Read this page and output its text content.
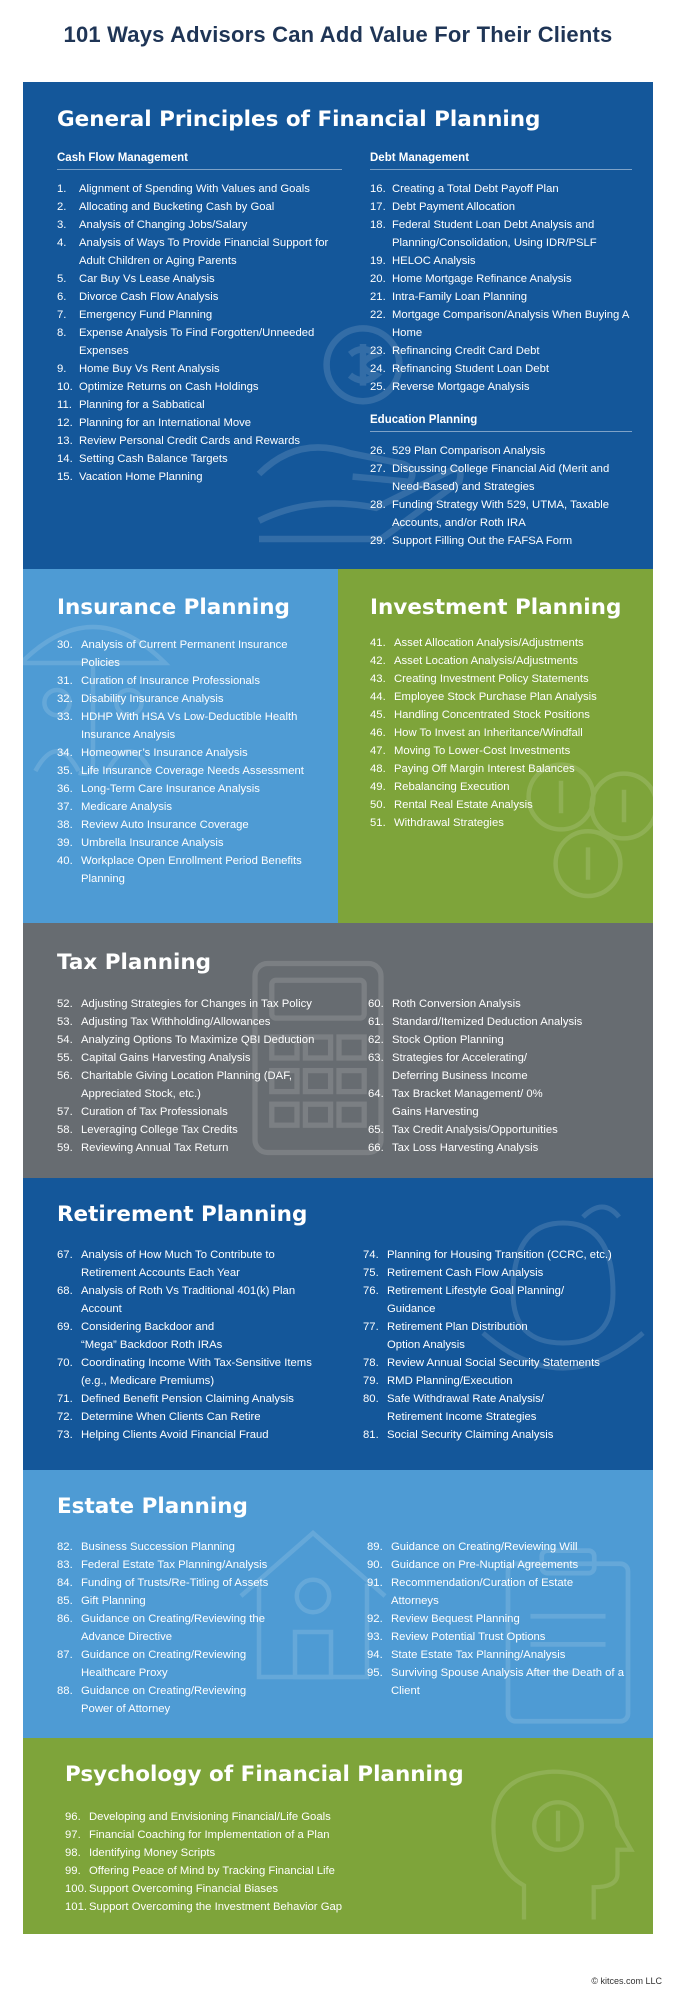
101 Ways Advisors Can Add Value For Their Clients
General Principles of Financial Planning
Cash Flow Management
1.	Alignment of Spending With Values and Goals
2.	Allocating and Bucketing Cash by Goal
3.	Analysis of Changing Jobs/Salary
4.	Analysis of Ways To Provide Financial Support for Adult Children or Aging Parents
5.	Car Buy Vs Lease Analysis
6.	Divorce Cash Flow Analysis
7.	Emergency Fund Planning
8.	Expense Analysis To Find Forgotten/Unneeded Expenses
9.	Home Buy Vs Rent Analysis
10. Optimize Returns on Cash Holdings
11. Planning for a Sabbatical
12. Planning for an International Move
13. Review Personal Credit Cards and Rewards
14. Setting Cash Balance Targets
15. Vacation Home Planning
Debt Management
16. Creating a Total Debt Payoff Plan
17. Debt Payment Allocation
18. Federal Student Loan Debt Analysis and Planning/Consolidation, Using IDR/PSLF
19. HELOC Analysis
20. Home Mortgage Refinance Analysis
21. Intra-Family Loan Planning
22. Mortgage Comparison/Analysis When Buying A Home
23. Refinancing Credit Card Debt
24. Refinancing Student Loan Debt
25. Reverse Mortgage Analysis
Education Planning
26. 529 Plan Comparison Analysis
27. Discussing College Financial Aid (Merit and Need-Based) and Strategies
28. Funding Strategy With 529, UTMA, Taxable Accounts, and/or Roth IRA
29. Support Filling Out the FAFSA Form
Insurance Planning
30. Analysis of Current Permanent Insurance Policies
31. Curation of Insurance Professionals
32. Disability Insurance Analysis
33. HDHP With HSA Vs Low-Deductible Health Insurance Analysis
34. Homeowner’s Insurance Analysis
35. Life Insurance Coverage Needs Assessment
36. Long-Term Care Insurance Analysis
37. Medicare Analysis
38. Review Auto Insurance Coverage
39. Umbrella Insurance Analysis
40. Workplace Open Enrollment Period Benefits Planning
Investment Planning
41. Asset Allocation Analysis/Adjustments
42. Asset Location Analysis/Adjustments
43. Creating Investment Policy Statements
44. Employee Stock Purchase Plan Analysis
45. Handling Concentrated Stock Positions
46. How To Invest an Inheritance/Windfall
47. Moving To Lower-Cost Investments
48. Paying Off Margin Interest Balances
49. Rebalancing Execution
50. Rental Real Estate Analysis
51. Withdrawal Strategies
Tax Planning
52. Adjusting Strategies for Changes in Tax Policy
53. Adjusting Tax Withholding/Allowances
54. Analyzing Options To Maximize QBI Deduction
55. Capital Gains Harvesting Analysis
56. Charitable Giving Location Planning (DAF, Appreciated Stock, etc.)
57. Curation of Tax Professionals
58. Leveraging College Tax Credits
59. Reviewing Annual Tax Return
60. Roth Conversion Analysis
61. Standard/Itemized Deduction Analysis
62. Stock Option Planning
63. Strategies for Accelerating/ Deferring Business Income
64. Tax Bracket Management/ 0% Gains Harvesting
65. Tax Credit Analysis/Opportunities
66. Tax Loss Harvesting Analysis
Retirement Planning
67. Analysis of How Much To Contribute to Retirement Accounts Each Year
68. Analysis of Roth Vs Traditional 401(k) Plan Account
69. Considering Backdoor and “Mega” Backdoor Roth IRAs
70. Coordinating Income With Tax-Sensitive Items (e.g., Medicare Premiums)
71. Defined Benefit Pension Claiming Analysis
72. Determine When Clients Can Retire
73. Helping Clients Avoid Financial Fraud
74. Planning for Housing Transition (CCRC, etc.)
75. Retirement Cash Flow Analysis
76. Retirement Lifestyle Goal Planning/ Guidance
77. Retirement Plan Distribution Option Analysis
78. Review Annual Social Security Statements
79. RMD Planning/Execution
80. Safe Withdrawal Rate Analysis/ Retirement Income Strategies
81. Social Security Claiming Analysis
Estate Planning
82. Business Succession Planning
83. Federal Estate Tax Planning/Analysis
84. Funding of Trusts/Re-Titling of Assets
85. Gift Planning
86. Guidance on Creating/Reviewing the Advance Directive
87. Guidance on Creating/Reviewing Healthcare Proxy
88. Guidance on Creating/Reviewing Power of Attorney
89. Guidance on Creating/Reviewing Will
90. Guidance on Pre-Nuptial Agreements
91. Recommendation/Curation of Estate Attorneys
92. Review Bequest Planning
93. Review Potential Trust Options
94. State Estate Tax Planning/Analysis
95. Surviving Spouse Analysis After the Death of a Client
Psychology of Financial Planning
96. Developing and Envisioning Financial/Life Goals
97. Financial Coaching for Implementation of a Plan
98. Identifying Money Scripts
99. Offering Peace of Mind by Tracking Financial Life
100. Support Overcoming Financial Biases
101. Support Overcoming the Investment Behavior Gap
© kitces.com LLC
